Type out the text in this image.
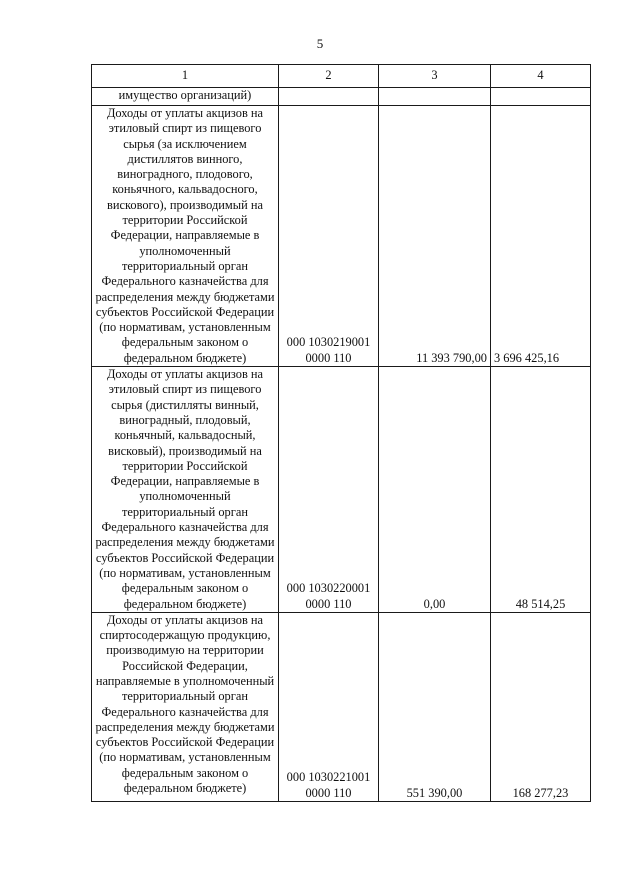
5
1	2	3	4
имущество организаций)			
Доходы от уплаты акцизов на этиловый спирт из пищевого сырья (за исключением дистиллятов винного, виноградного, плодового, коньячного, кальвадосного, вискового), производимый на территории Российской Федерации, направляемые в уполномоченный территориальный орган Федерального казначейства для распределения между бюджетами субъектов Российской Федерации (по нормативам, установленным федеральным законом о федеральном бюджете)	000 1030219001 0000 110	11 393 790,00	3 696 425,16
Доходы от уплаты акцизов на этиловый спирт из пищевого сырья (дистилляты винный, виноградный, плодовый, коньячный, кальвадосный, висковый), производимый на территории Российской Федерации, направляемые в уполномоченный территориальный орган Федерального казначейства для распределения между бюджетами субъектов Российской Федерации (по нормативам, установленным федеральным законом о федеральном бюджете)	000 1030220001 0000 110	0,00	48 514,25
Доходы от уплаты акцизов на спиртосодержащую продукцию, производимую на территории Российской Федерации, направляемые в уполномоченный территориальный орган Федерального казначейства для распределения между бюджетами субъектов Российской Федерации (по нормативам, установленным федеральным законом о федеральном бюджете)	000 1030221001 0000 110	551 390,00	168 277,23
